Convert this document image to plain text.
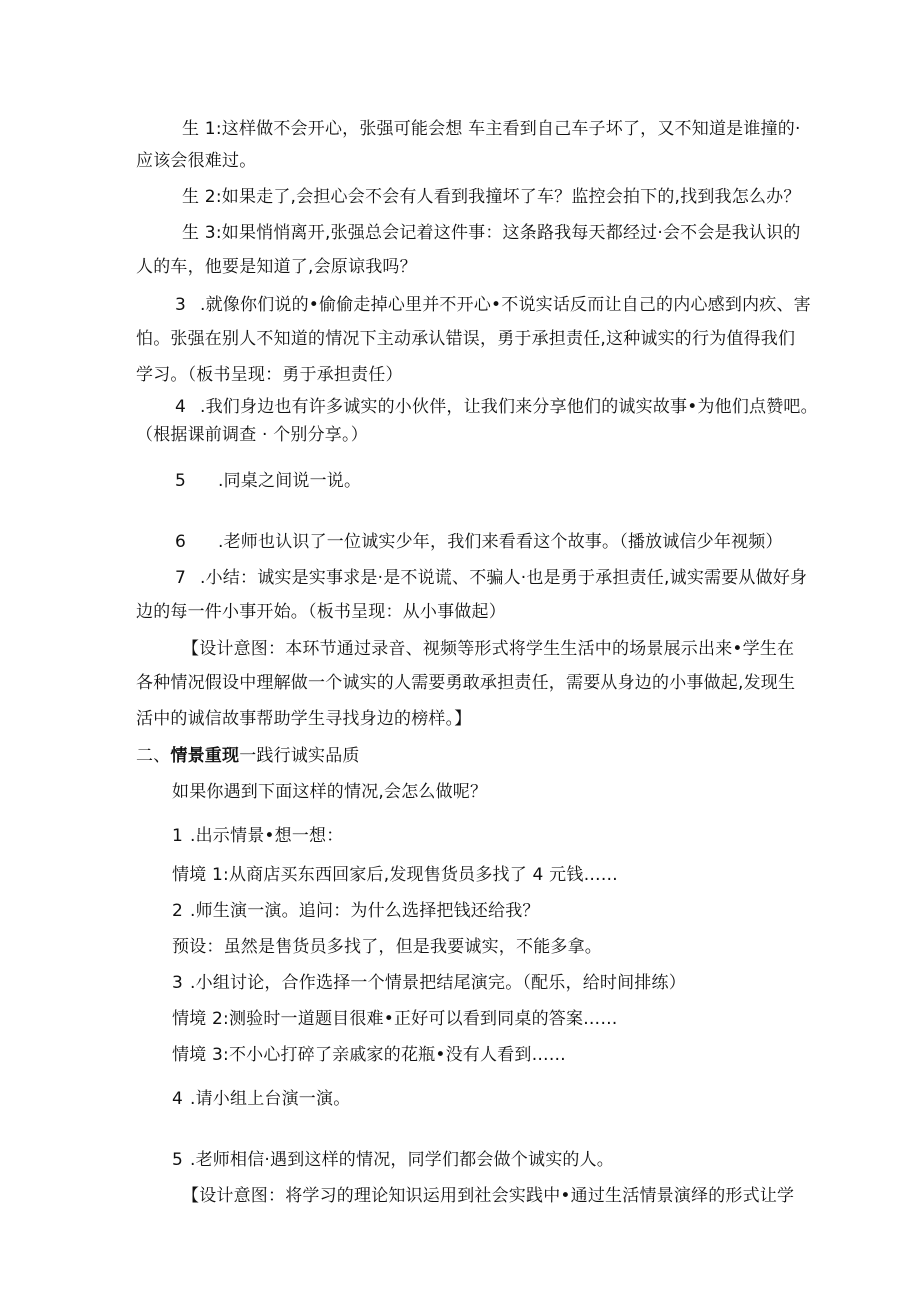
生 1:这样做不会开心，张强可能会想 车主看到自己车子坏了，又不知道是谁撞的·
应该会很难过。
生 2:如果走了,会担心会不会有人看到我撞坏了车？监控会拍下的,找到我怎么办？
生 3:如果悄悄离开,张强总会记着这件事：这条路我每天都经过·会不会是我认识的
人的车，他要是知道了,会原谅我吗？
3 .就像你们说的•偷偷走掉心里并不开心•不说实话反而让自己的内心感到内疚、害
怕。张强在别人不知道的情况下主动承认错误，勇于承担责任,这种诚实的行为值得我们
学习。（板书呈现：勇于承担责任）
4 .我们身边也有许多诚实的小伙伴，让我们来分享他们的诚实故事•为他们点赞吧。
（根据课前调查 · 个别分享。）
5 .同桌之间说一说。
6 .老师也认识了一位诚实少年，我们来看看这个故事。（播放诚信少年视频）
7 .小结：诚实是实事求是·是不说谎、不骗人·也是勇于承担责任,诚实需要从做好身
边的每一件小事开始。（板书呈现：从小事做起）
【设计意图：本环节通过录音、视频等形式将学生生活中的场景展示出来•学生在
各种情况假设中理解做一个诚实的人需要勇敢承担责任，需要从身边的小事做起,发现生
活中的诚信故事帮助学生寻找身边的榜样。】
二、情景重现一践行诚实品质
如果你遇到下面这样的情况,会怎么做呢？
1 .出示情景•想一想：
情境 1:从商店买东西回家后,发现售货员多找了 4 元钱……
2 .师生演一演。追问：为什么选择把钱还给我？
预设：虽然是售货员多找了，但是我要诚实，不能多拿。
3 .小组讨论，合作选择一个情景把结尾演完。（配乐，给时间排练）
情境 2:测验时一道题目很难•正好可以看到同桌的答案……
情境 3:不小心打碎了亲戚家的花瓶•没有人看到……
4 .请小组上台演一演。
5 .老师相信·遇到这样的情况，同学们都会做个诚实的人。
【设计意图：将学习的理论知识运用到社会实践中•通过生活情景演绎的形式让学
